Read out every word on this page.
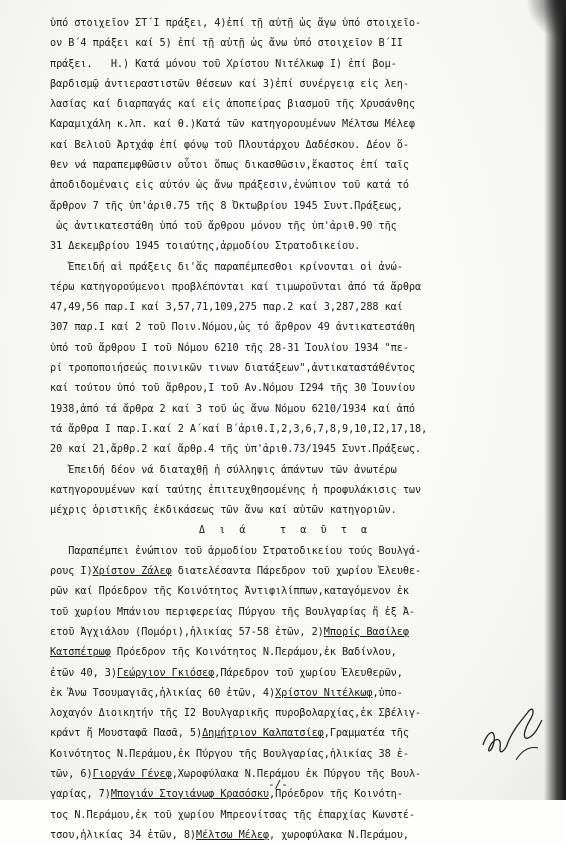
ὑπό στοιχεῖον ΣΤ΄Ι πράξει, 4)ἐπί τῇ αὐτῇ ὡς ἄγω ὑπό στοιχεῖο-
ον Β΄4 πράξει καί 5) ἐπί τῇ αὐτῇ ὡς ἄνω ὑπό στοιχεῖον Β΄ΙΙ
πράξει.   Η.) Κατά μόνου τοῦ Χρίστου Νιτέλκωφ Ι) ἐπί βομ-
βαρδισμῷ ἀντιεραστιστῶν θέσεων καί 3)ἐπί συνέργειᾳ εἰς λεη-
λασίας καί διαρπαγάς καί εἰς ἀποπείρας βιασμοῦ τῆς Χρυσάνθης
Καραμιχάλη κ.λπ. καί θ.)Κατά τῶν κατηγορουμένων Μέλτσω Μέλεφ
καί Βελιοῦ Ἀρτχάφ ἐπί φόνῳ τοῦ Πλουτάρχου Δαδέσκου. Δέον ὅ-
θεν νά παραπεμφθῶσιν οὗτοι ὅπως δικασθῶσιν,ἕκαστος ἐπί ταῖς
ἀποδιδομέναις εἰς αὐτόν ὡς ἄνω πράξεσιν,ἐνώπιον τοῦ κατά τό
ἄρθρον 7 τῆς ὑπ'ἀριθ.75 τῆς 8 Ὀκτωβρίου 1945 Συντ.Πράξεως,
ὡς ἀντικατεστάθη ὑπό τοῦ ἄρθρου μόνου τῆς ὑπ'ἀριθ.90 τῆς
31 Δεκεμβρίου 1945 τοιαύτης,ἁρμοδίου Στρατοδικείου.
Ἐπειδή αἱ πράξεις δι'ἅς παραπέμπεσθοι κρίνονται οἱ ἀνώ-
τέρω κατηγορούμενοι προβλέπονται καί τιμωροῦνται ἀπό τά ἄρθρα
47,49,56 παρ.Ι καί 3,57,71,109,275 παρ.2 καί 3,287,288 καί
307 παρ.Ι καί 2 τοῦ Ποιν.Νόμου,ὡς τό ἄρθρον 49 ἀντικατεστάθη
ὑπό τοῦ ἄρθρου Ι τοῦ Νόμου 6210 τῆς 28-31 Ἰουλίου 1934 "πε-
ρί τροποποιήσεώς ποινικῶν τινων διατάξεων",ἀντικαταστάθέντος
καί τούτου ὑπό τοῦ ἄρθρου,Ι τοῦ Αν.Νόμου Ι294 τῆς 30 Ἰουνίου
1938,ἀπό τά ἄρθρα 2 καί 3 τοῦ ὡς ἄνω Νόμου 6210/1934 καί ἀπό
τά ἄρθρα Ι παρ.Ι.καί 2 Α΄καί Β΄ἀριθ.Ι,2,3,6,7,8,9,10,Ι2,17,18,
20 καί 21,ἄρθρ.2 καί ἄρθρ.4 τῆς ὑπ'ἀριθ.73/1945 Συντ.Πράξεως.
Ἐπειδή δέον νά διαταχθῇ ἡ σύλληψις ἁπάντων τῶν ἀνωτέρω
κατηγορουμένων καί ταύτης ἐπιτευχθησομένης ἡ προφυλάκισις των
μέχρις ὁριστικῆς ἐκδικάσεως τῶν ἄνω καί αὐτῶν κατηγοριῶν.
Δ ι ά   τ α ῦ τ α
Παραπέμπει ἐνώπιον τοῦ ἁρμοδίου Στρατοδικείου τούς Βουλγά-
ρους Ι)Χρίστον Ζάλεφ διατελέσαντα Πάρεδρον τοῦ χωρίου Ἐλευθε-
ρῶν καί Πρόεδρον τῆς Κοινότητος Ἀντιφιλίππων,καταγόμενον ἐκ
τοῦ χωρίου Μπάνιου περιφερείας Πύργου τῆς Βουλγαρίας ἤ ἐξ Ἀ-
ετοῦ Ἀγχιάλου (Πομόρι),ἡλικίας 57-58 ἐτῶν, 2)Μπορίς Βασίλεφ
Κατσπέτρωφ Πρόεδρον τῆς Κοινότητος Ν.Περάμου,ἐκ Βαδίνλου,
ἐτῶν 40, 3)Γεώργιον Γκιόσεφ,Πάρεδρον τοῦ χωρίου Ἐλευθερῶν,
ἐκ Ἄνω Τσουμαγιᾶς,ἡλικίας 60 ἐτῶν, 4)Χρίστον Νιτέλκωφ,ὑπο-
λοχαγόν Διοικητήν τῆς Ι2 Βουλγαρικῆς πυροβολαρχίας,ἐκ Σβέλιγ-
κράντ ἤ Μουσταφᾶ Πασᾶ, 5)Δημήτριον Καλπατσίεφ,Γραμματέα τῆς
Κοινότητος Ν.Περάμου,ἐκ Πύργου τῆς Βουλγαρίας,ἡλικίας 38 ἐ-
τῶν, 6)Γιοργάν Γένεφ,Χωροφύλακα Ν.Περάμου ἐκ Πύργου τῆς Βουλ-
γαρίας, 7)Μπογιάν Στογιάνωφ Κρασόσκυ,Πρόεδρον τῆς Κοινότη-
τος Ν.Περάμου,ἐκ τοῦ χωρίου Μπρεονίτσας τῆς ἐπαρχίας Κωνστέ-
τσου,ἡλικίας 34 ἐτῶν, 8)Μέλτσω Μέλεφ, χωροφύλακα Ν.Περάμου,
-/-
